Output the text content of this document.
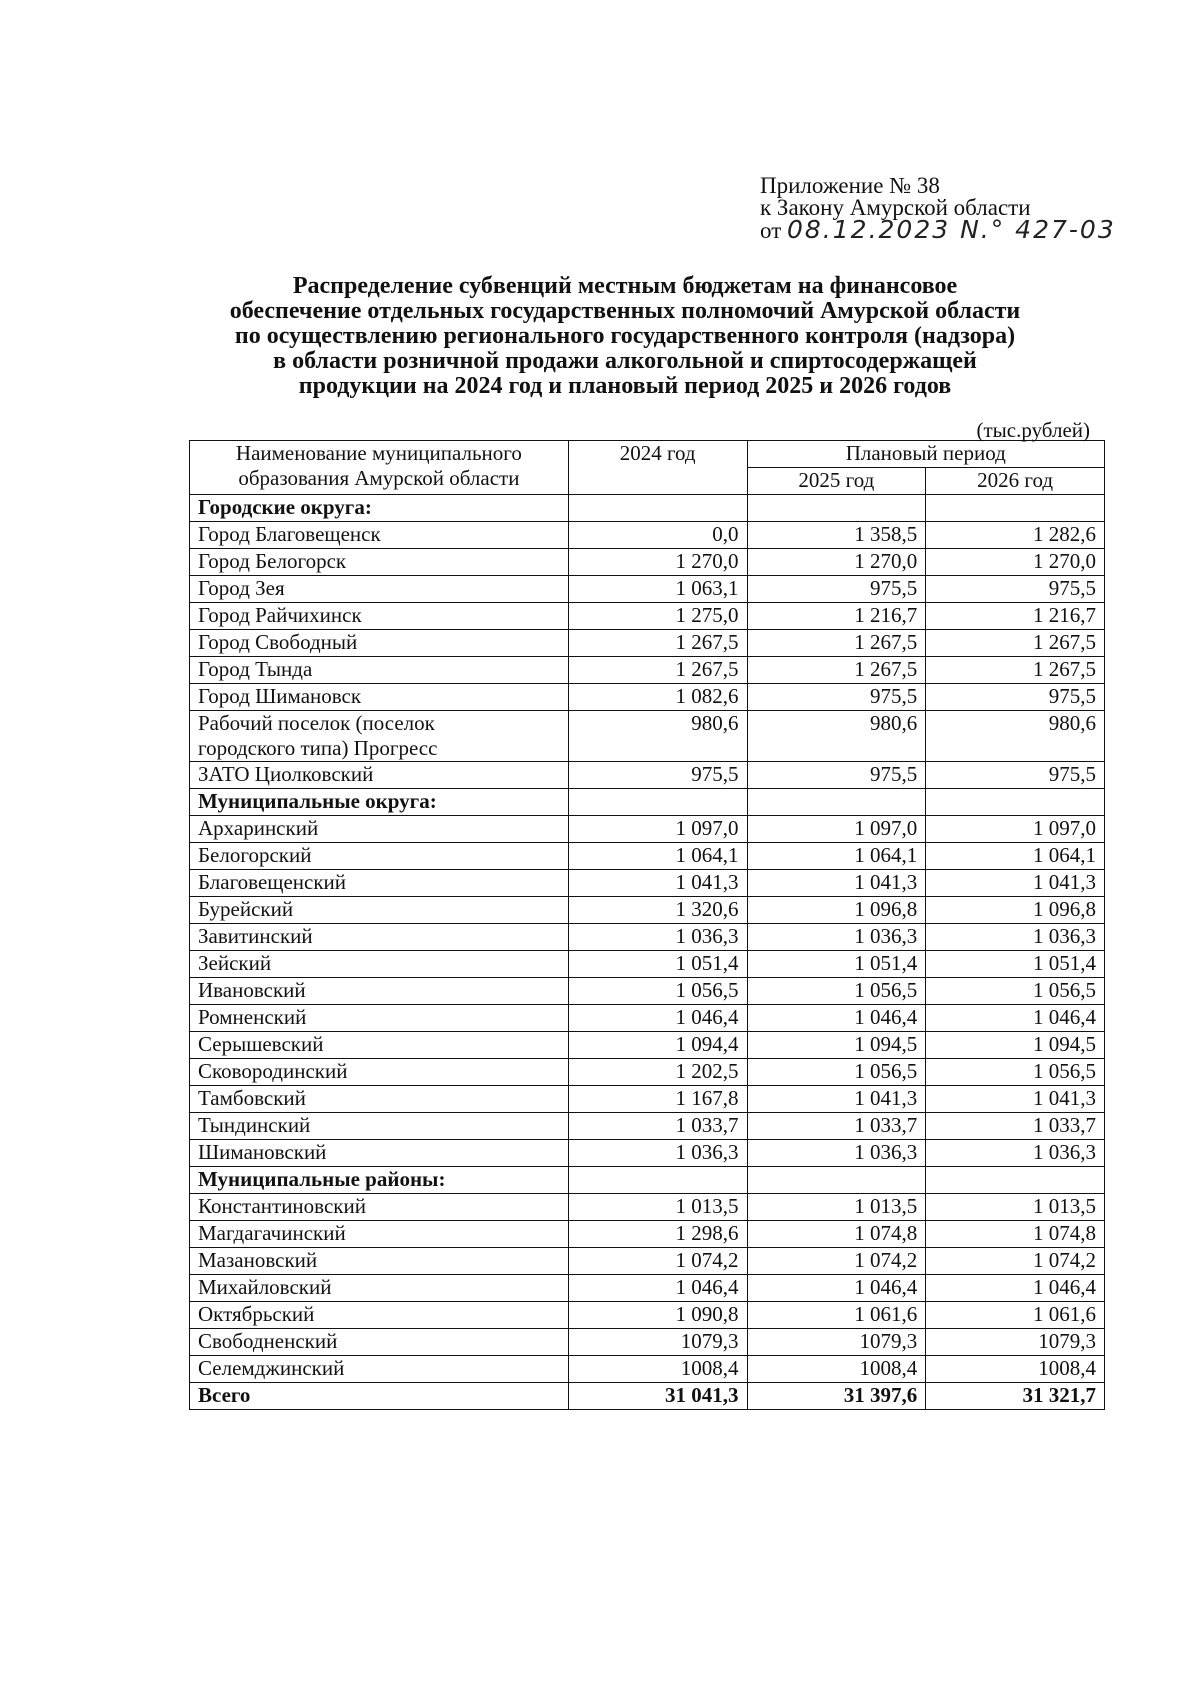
Приложение № 38
к Закону Амурской области
от 08.12.2023 N.° 427-03
Распределение субвенций местным бюджетам на финансовое
обеспечение отдельных государственных полномочий Амурской области
по осуществлению регионального государственного контроля (надзора)
в области розничной продажи алкогольной и спиртосодержащей
продукции на 2024 год и плановый период 2025 и 2026 годов
(тыс.рублей)
Наименование муниципального
образования Амурской области	2024 год	Плановый период	
		2025 год	2026 год
Городские округа:			

Город Благовещенск	0,0	1 358,5	1 282,6

Город Белогорск	1 270,0	1 270,0	1 270,0

Город Зея	1 063,1	975,5	975,5

Город Райчихинск	1 275,0	1 216,7	1 216,7

Город Свободный	1 267,5	1 267,5	1 267,5

Город Тында	1 267,5	1 267,5	1 267,5

Город Шимановск	1 082,6	975,5	975,5

Рабочий поселок (поселок
городского типа) Прогресс	980,6	980,6	980,6

ЗАТО Циолковский	975,5	975,5	975,5
Муниципальные округа:			

Архаринский	1 097,0	1 097,0	1 097,0

Белогорский	1 064,1	1 064,1	1 064,1

Благовещенский	1 041,3	1 041,3	1 041,3

Бурейский	1 320,6	1 096,8	1 096,8

Завитинский	1 036,3	1 036,3	1 036,3

Зейский	1 051,4	1 051,4	1 051,4

Ивановский	1 056,5	1 056,5	1 056,5

Ромненский	1 046,4	1 046,4	1 046,4

Серышевский	1 094,4	1 094,5	1 094,5

Сковородинский	1 202,5	1 056,5	1 056,5

Тамбовский	1 167,8	1 041,3	1 041,3

Тындинский	1 033,7	1 033,7	1 033,7

Шимановский	1 036,3	1 036,3	1 036,3
Муниципальные районы:			

Константиновский	1 013,5	1 013,5	1 013,5

Магдагачинский	1 298,6	1 074,8	1 074,8

Мазановский	1 074,2	1 074,2	1 074,2

Михайловский	1 046,4	1 046,4	1 046,4

Октябрьский	1 090,8	1 061,6	1 061,6

Свободненский	1079,3	1079,3	1079,3

Селемджинский	1008,4	1008,4	1008,4
Всего	31 041,3	31 397,6	31 321,7
